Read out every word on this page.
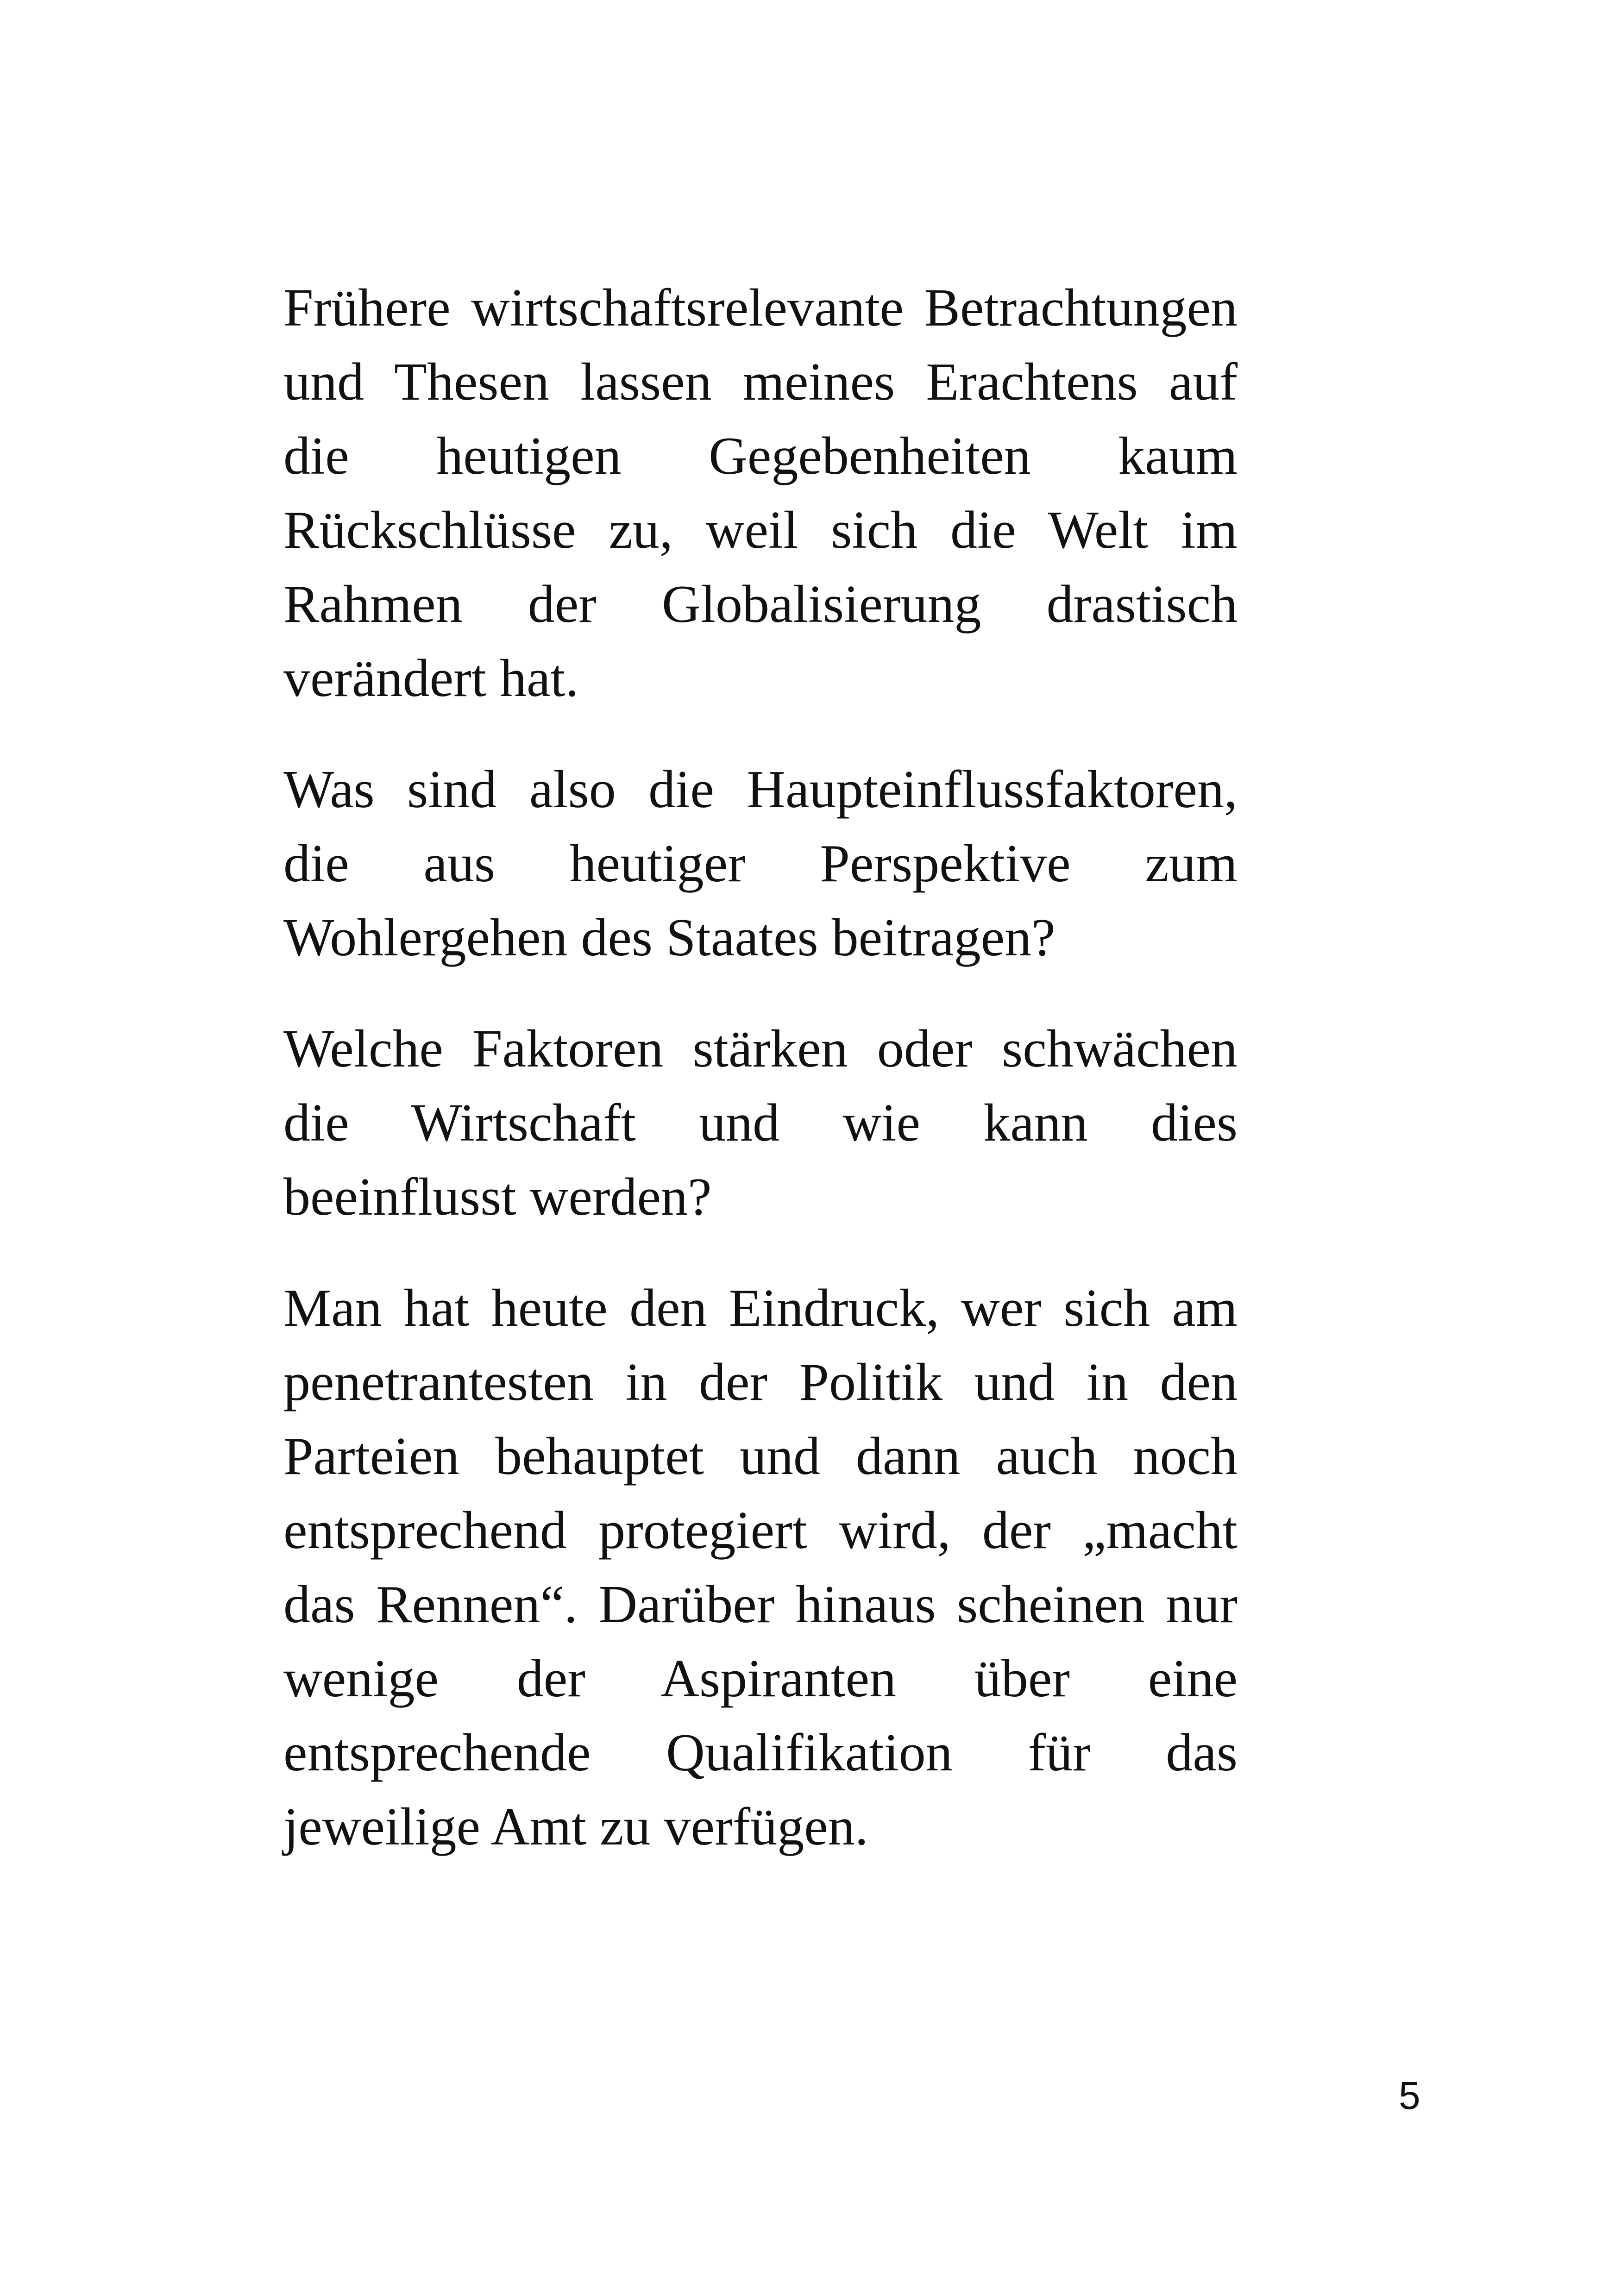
Frühere wirtschaftsrelevante Betrachtungen
und Thesen lassen meines Erachtens auf
die heutigen Gegebenheiten kaum
Rückschlüsse zu, weil sich die Welt im
Rahmen der Globalisierung drastisch
verändert hat.

Was sind also die Haupteinflussfaktoren,
die aus heutiger Perspektive zum
Wohlergehen des Staates beitragen?

Welche Faktoren stärken oder schwächen
die Wirtschaft und wie kann dies
beeinflusst werden?

Man hat heute den Eindruck, wer sich am
penetrantesten in der Politik und in den
Parteien behauptet und dann auch noch
entsprechend protegiert wird, der „macht
das Rennen“. Darüber hinaus scheinen nur
wenige der Aspiranten über eine
entsprechende Qualifikation für das
jeweilige Amt zu verfügen.

5
